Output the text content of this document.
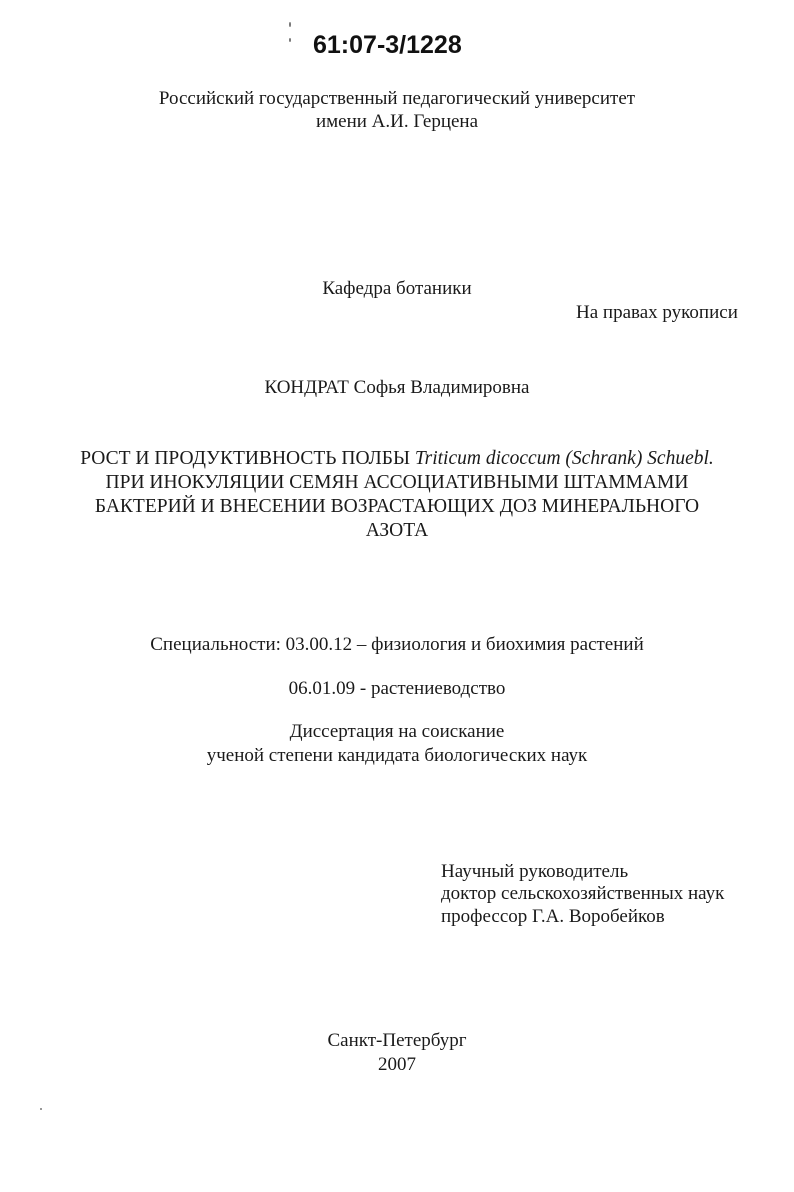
61:07-3/1228
Российский государственный педагогический университет
имени А.И. Герцена
Кафедра ботаники
На правах рукописи
КОНДРАТ Софья Владимировна
РОСТ И ПРОДУКТИВНОСТЬ ПОЛБЫ Triticum dicoccum (Schrank) Schuebl.
ПРИ ИНОКУЛЯЦИИ СЕМЯН АССОЦИАТИВНЫМИ ШТАММАМИ
БАКТЕРИЙ И ВНЕСЕНИИ ВОЗРАСТАЮЩИХ ДОЗ МИНЕРАЛЬНОГО
АЗОТА
Специальности: 03.00.12 – физиология и биохимия растений
06.01.09 - растениеводство
Диссертация на соискание
ученой степени кандидата биологических наук
Научный руководитель
доктор сельскохозяйственных наук
профессор Г.А. Воробейков
Санкт-Петербург
2007
